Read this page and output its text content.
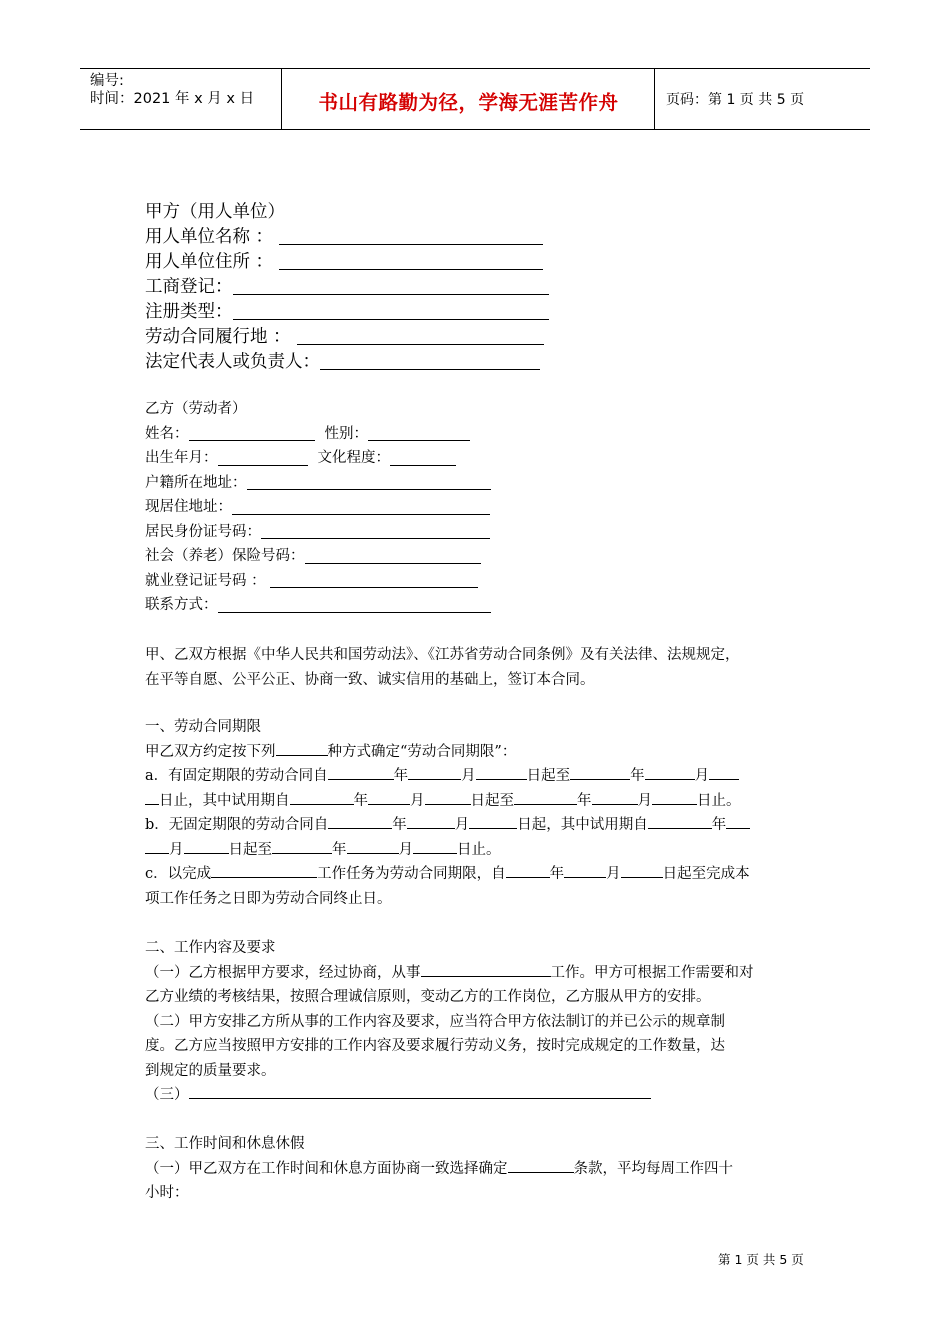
编号:
时间：2021 年 x 月 x 日	书山有路勤为径，学海无涯苦作舟	页码：第 1 页 共 5 页
甲方（用人单位）
用人单位名称 ：
用人单位住所 ：
工商登记：
注册类型：
劳动合同履行地 ：
法定代表人或负责人：
乙方（劳动者）
姓名：	性别：
出生年月：	文化程度：
户籍所在地址：
现居住地址：
居民身份证号码：
社会（养老）保险号码：
就业登记证号码 ：
联系方式：

甲、乙双方根据《中华人民共和国劳动法》、《江苏省劳动合同条例》及有关法律、法规规定，

在平等自愿、公平公正、协商一致、诚实信用的基础上，签订本合同。

一、劳动合同期限

甲乙双方约定按下列	种方式确定“劳动合同期限”：

a．有固定期限的劳动合同自	年	月	日起至	年	月

日止，其中试用期自	年	月	日起至	年	月	日止。

b．无固定期限的劳动合同自	年	月	日起，其中试用期自	年

月	日起至	年	月	日止。

c．以完成	工作任务为劳动合同期限，自	年	月	日起至完成本

项工作任务之日即为劳动合同终止日。

二、工作内容及要求

（一）乙方根据甲方要求，经过协商，从事	工作。甲方可根据工作需要和对

乙方业绩的考核结果，按照合理诚信原则，变动乙方的工作岗位，乙方服从甲方的安排。

（二）甲方安排乙方所从事的工作内容及要求，应当符合甲方依法制订的并已公示的规章制

度。乙方应当按照甲方安排的工作内容及要求履行劳动义务，按时完成规定的工作数量，达

到规定的质量要求。

（三）

三、工作时间和休息休假

（一）甲乙双方在工作时间和休息方面协商一致选择确定	条款，平均每周工作四十

小时：

第 1 页 共 5 页
